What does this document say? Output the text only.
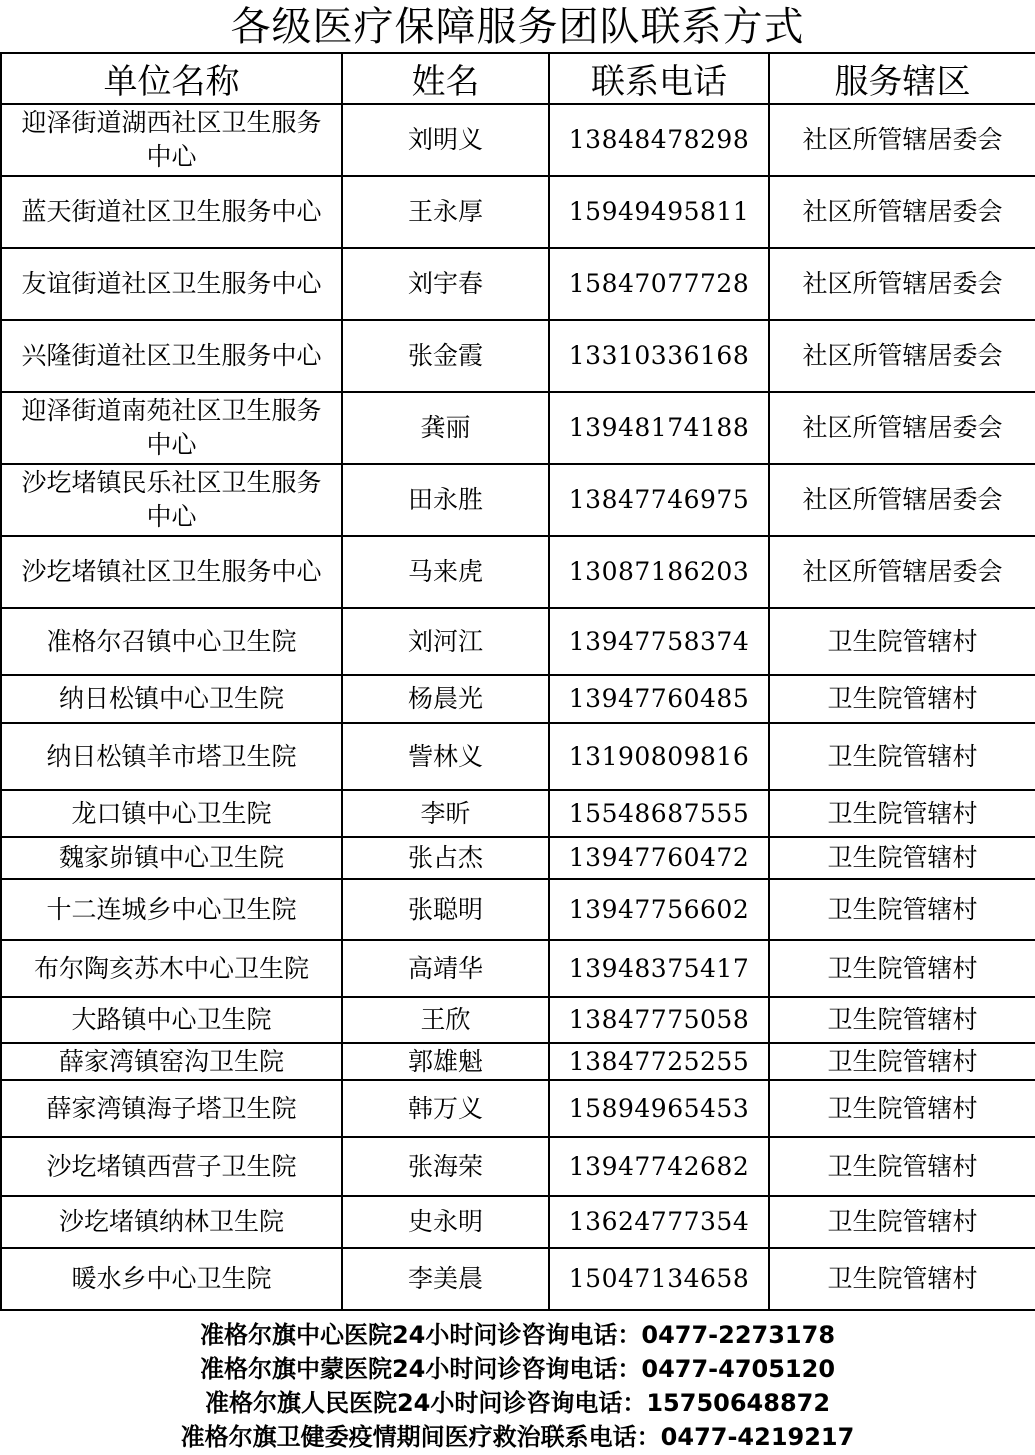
各级医疗保障服务团队联系方式
单位名称	姓名	联系电话	服务辖区
迎泽街道湖西社区卫生服务中心	刘明义	13848478298	社区所管辖居委会
蓝天街道社区卫生服务中心	王永厚	15949495811	社区所管辖居委会
友谊街道社区卫生服务中心	刘宇春	15847077728	社区所管辖居委会
兴隆街道社区卫生服务中心	张金霞	13310336168	社区所管辖居委会
迎泽街道南苑社区卫生服务中心	龚丽	13948174188	社区所管辖居委会
沙圪堵镇民乐社区卫生服务中心	田永胜	13847746975	社区所管辖居委会
沙圪堵镇社区卫生服务中心	马来虎	13087186203	社区所管辖居委会
准格尔召镇中心卫生院	刘河江	13947758374	卫生院管辖村
纳日松镇中心卫生院	杨晨光	13947760485	卫生院管辖村
纳日松镇羊市塔卫生院	訾林义	13190809816	卫生院管辖村
龙口镇中心卫生院	李昕	15548687555	卫生院管辖村
魏家峁镇中心卫生院	张占杰	13947760472	卫生院管辖村
十二连城乡中心卫生院	张聪明	13947756602	卫生院管辖村
布尔陶亥苏木中心卫生院	高靖华	13948375417	卫生院管辖村
大路镇中心卫生院	王欣	13847775058	卫生院管辖村
薛家湾镇窑沟卫生院	郭雄魁	13847725255	卫生院管辖村
薛家湾镇海子塔卫生院	韩万义	15894965453	卫生院管辖村
沙圪堵镇西营子卫生院	张海荣	13947742682	卫生院管辖村
沙圪堵镇纳林卫生院	史永明	13624777354	卫生院管辖村
暖水乡中心卫生院	李美晨	15047134658	卫生院管辖村
准格尔旗中心医院24小时问诊咨询电话：0477-2273178
准格尔旗中蒙医院24小时问诊咨询电话：0477-4705120
准格尔旗人民医院24小时问诊咨询电话：15750648872
准格尔旗卫健委疫情期间医疗救治联系电话：0477-4219217
